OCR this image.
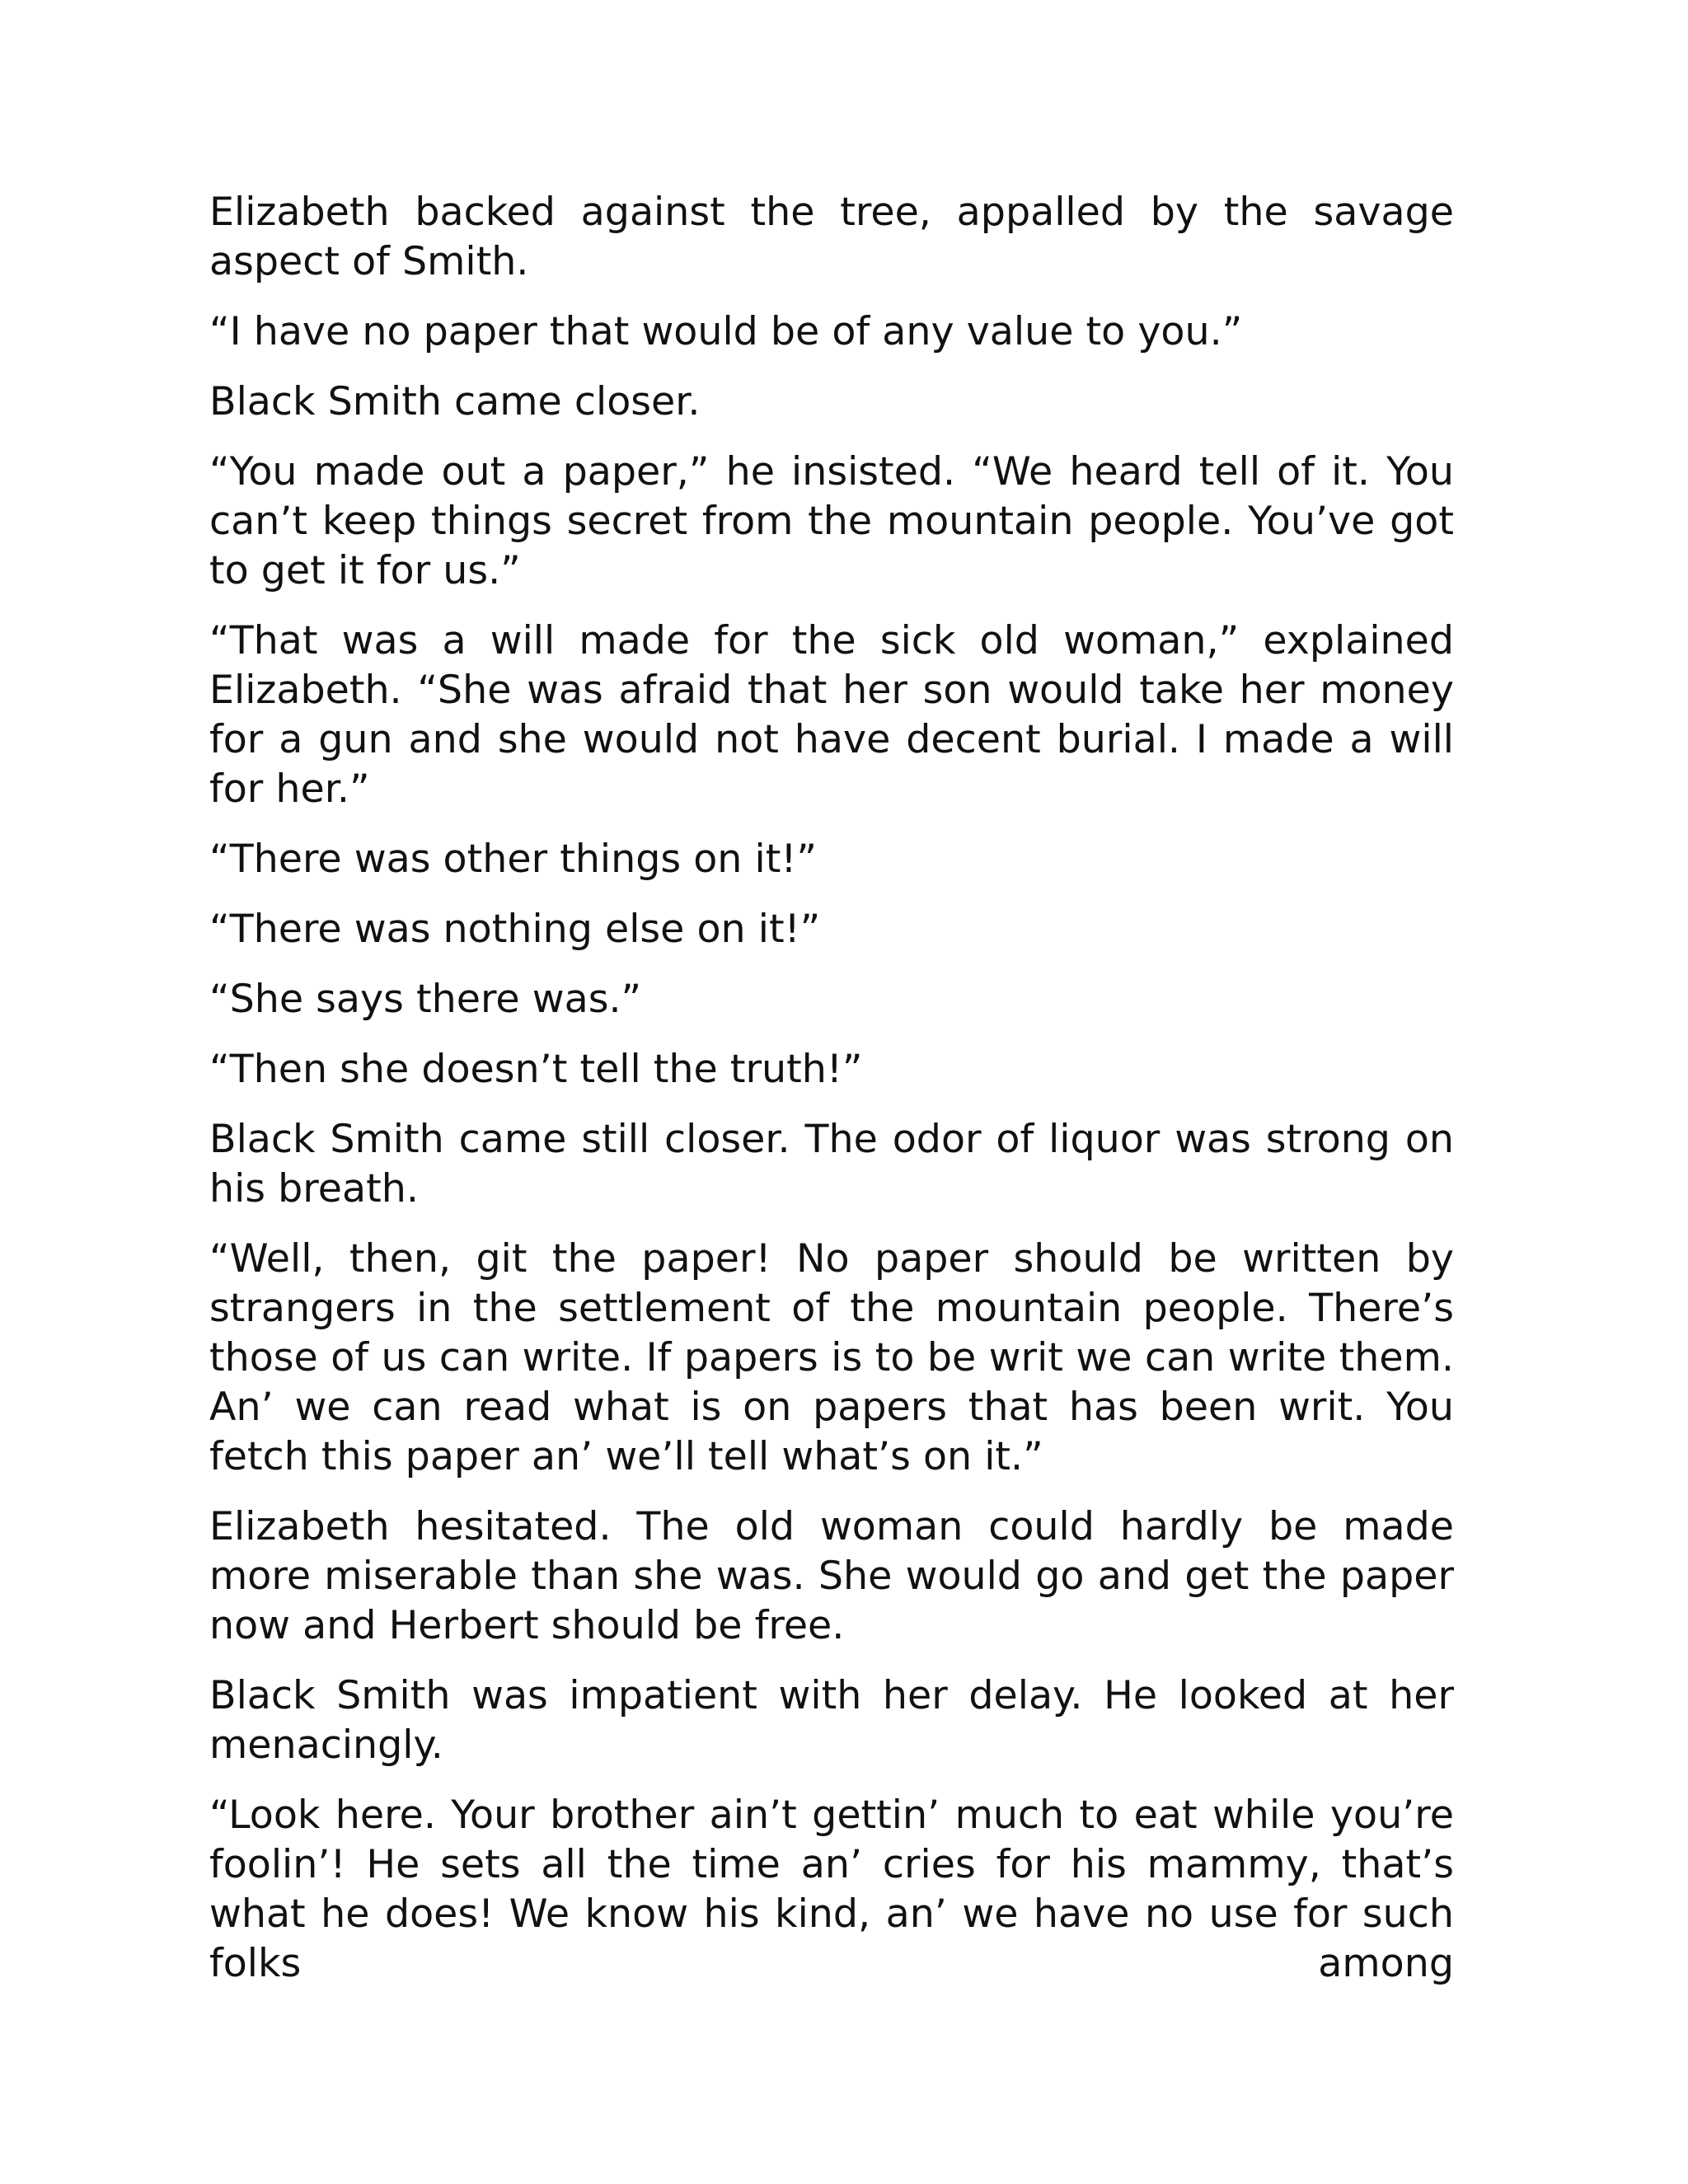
Elizabeth backed against the tree, appalled by the savage aspect of Smith.

“I have no paper that would be of any value to you.”

Black Smith came closer.

“You made out a paper,” he insisted. “We heard tell of it. You can’t keep things secret from the mountain people. You’ve got to get it for us.”

“That was a will made for the sick old woman,” explained Elizabeth. “She was afraid that her son would take her money for a gun and she would not have decent burial. I made a will for her.”

“There was other things on it!”

“There was nothing else on it!”

“She says there was.”

“Then she doesn’t tell the truth!”

Black Smith came still closer. The odor of liquor was strong on his breath.

“Well, then, git the paper! No paper should be written by strangers in the settlement of the mountain people. There’s those of us can write. If papers is to be writ we can write them. An’ we can read what is on papers that has been writ. You fetch this paper an’ we’ll tell what’s on it.”

Elizabeth hesitated. The old woman could hardly be made more miserable than she was. She would go and get the paper now and Herbert should be free.

Black Smith was impatient with her delay. He looked at her menacingly.

“Look here. Your brother ain’t gettin’ much to eat while you’re foolin’! He sets all the time an’ cries for his mammy, that’s what he does! We know his kind, an’ we have no use for such folks among
